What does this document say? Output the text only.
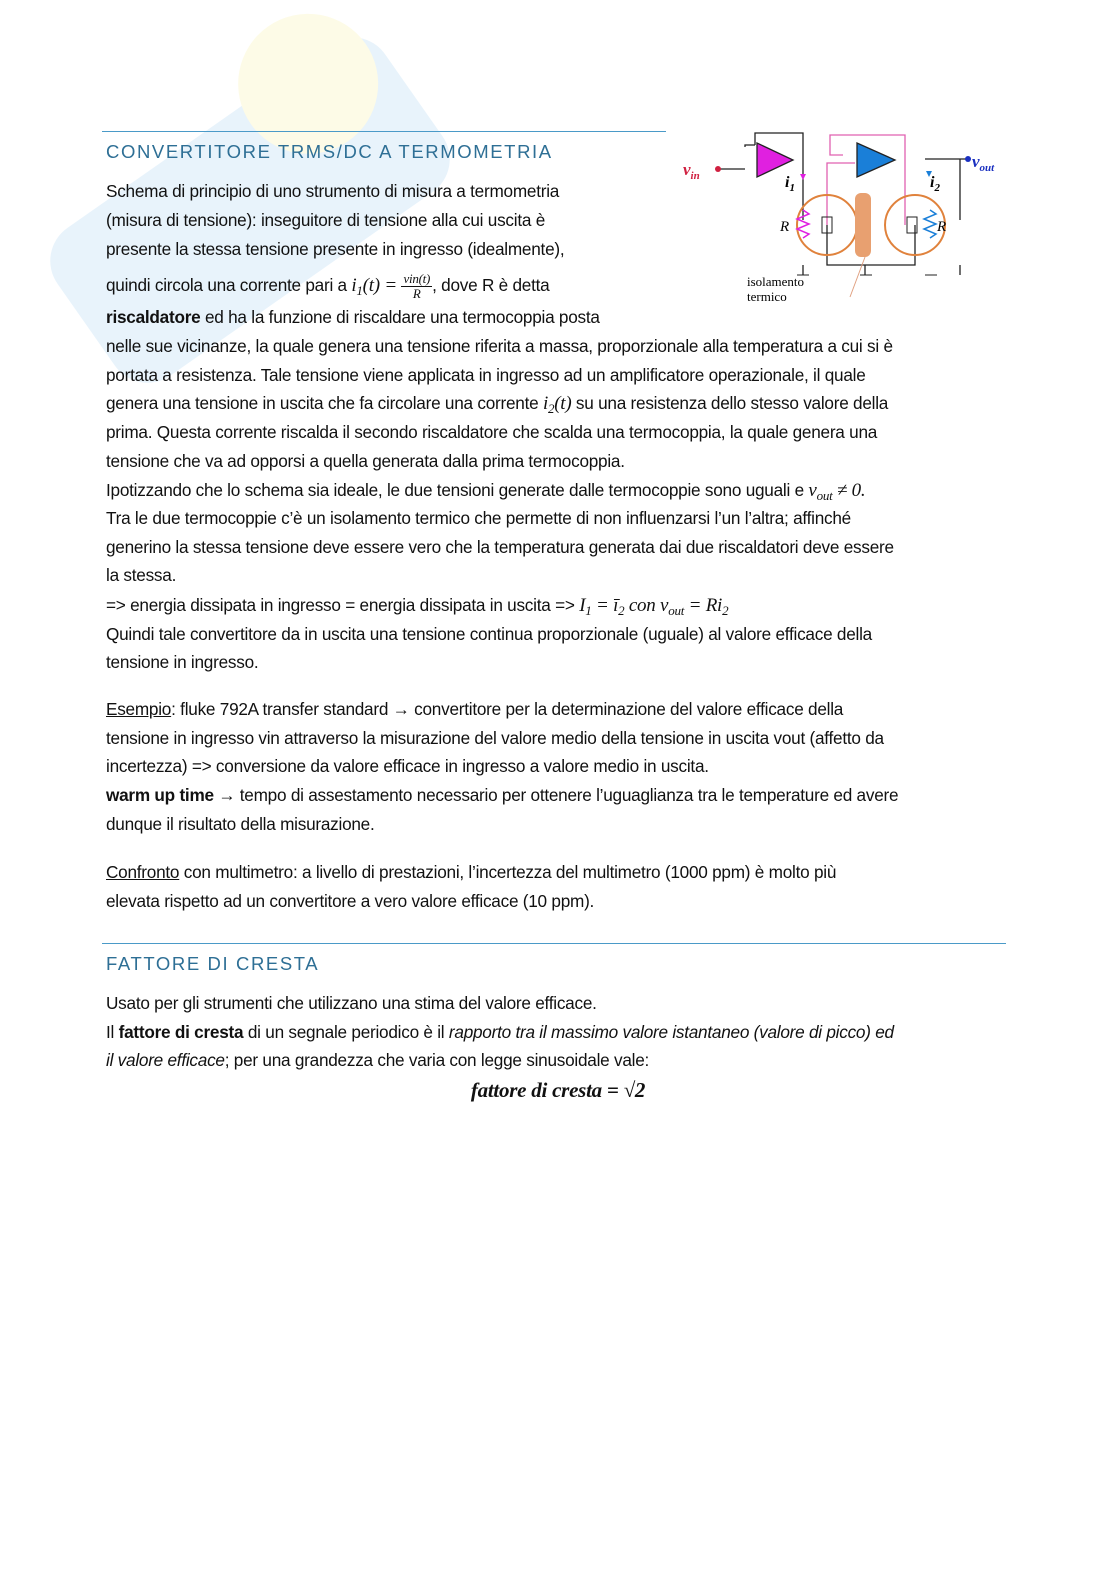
CONVERTITORE TRMS/DC A TERMOMETRIA
Schema di principio di uno strumento di misura a termometria
(misura di tensione): inseguitore di tensione alla cui uscita è
presente la stessa tensione presente in ingresso (idealmente),
quindi circola una corrente pari a $i_1(t) = \frac{\text{vin(t)}}{R}$ , dove R è detta
riscaldatore ed ha la funzione di riscaldare una termocoppia posta
nelle sue vicinanze, la quale genera una tensione riferita a massa, proporzionale alla temperatura a cui si è
portata a resistenza. Tale tensione viene applicata in ingresso ad un amplificatore operazionale, il quale
genera una tensione in uscita che fa circolare una corrente $i_2(t)$ su una resistenza dello stesso valore della
prima. Questa corrente riscalda il secondo riscaldatore che scalda una termocoppia, la quale genera una
tensione che va ad opporsi a quella generata dalla prima termocoppia.
Ipotizzando che lo schema sia ideale, le due tensioni generate dalle termocoppie sono uguali e $v_{out} \ne 0$.
Tra le due termocoppie c’è un isolamento termico che permette di non influenzarsi l’un l’altra; affinché
generino la stessa tensione deve essere vero che la temperatura generata dai due riscaldatori deve essere
la stessa.
=> energia dissipata in ingresso = energia dissipata in uscita => $I_1$ = $ī_2$ con $v_{out} = Ri_2$
Quindi tale convertitore da in uscita una tensione continua proporzionale (uguale) al valore efficace della
tensione in ingresso.
Esempio: fluke 792A transfer standard → convertitore per la determinazione del valore efficace della
tensione in ingresso vin attraverso la misurazione del valore medio della tensione in uscita vout (affetto da
incertezza) => conversione da valore efficace in ingresso a valore medio in uscita.
warm up time → tempo di assestamento necessario per ottenere l’uguaglianza tra le temperature ed avere
dunque il risultato della misurazione.
Confronto con multimetro: a livello di prestazioni, l’incertezza del multimetro (1000 ppm) è molto più
elevata rispetto ad un convertitore a vero valore efficace (10 ppm).
FATTORE DI CRESTA
Usato per gli strumenti che utilizzano una stima del valore efficace.
Il fattore di cresta di un segnale periodico è il rapporto tra il massimo valore istantaneo (valore di picco) ed
il valore efficace; per una grandezza che varia con legge sinusoidale vale:
fattore di cresta = √2
$v_{in}$
$v_{out}$
$i_1$	$i_2$
R	R
isolamento
termico
